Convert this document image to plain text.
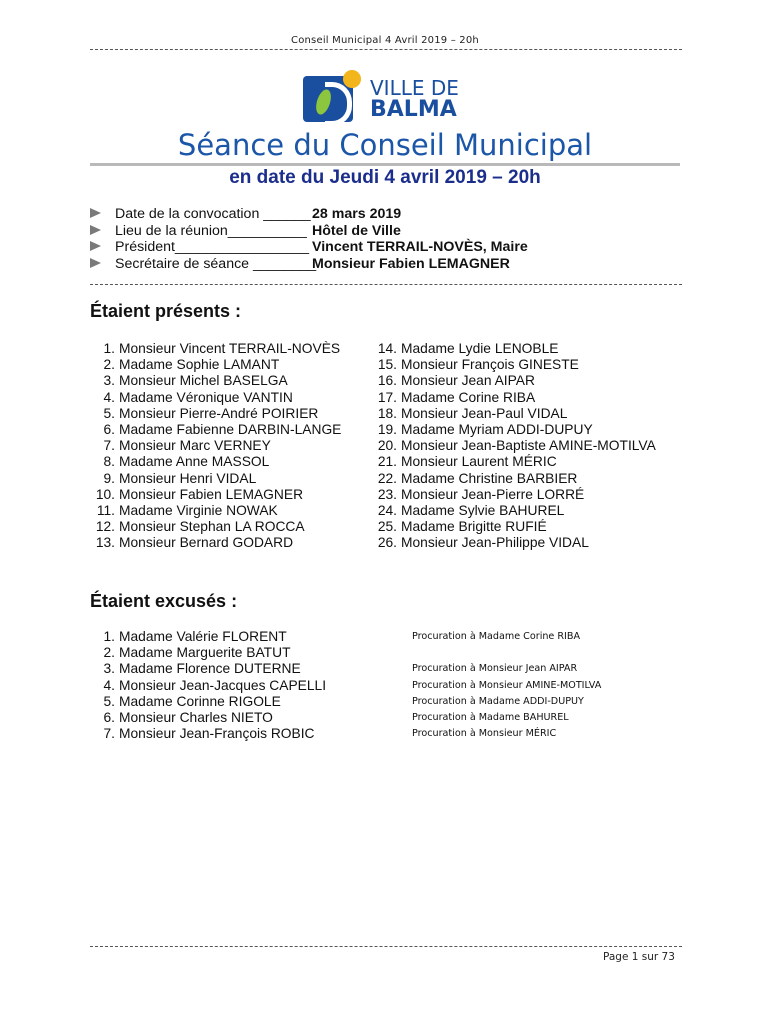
Conseil Municipal 4 Avril 2019 – 20h
VILLE DE
BALMA
Séance du Conseil Municipal
en date du Jeudi 4 avril 2019 – 20h
Date de la convocation ______ 28 mars 2019
Lieu de la réunion__________ Hôtel de Ville
Président_________________ Vincent TERRAIL-NOVÈS, Maire
Secrétaire de séance ________
Monsieur Fabien LEMAGNER
Étaient présents :
1. Monsieur Vincent TERRAIL-NOVÈS
2. Madame Sophie LAMANT
3. Monsieur Michel BASELGA
4. Madame Véronique VANTIN
5. Monsieur Pierre-André POIRIER
6. Madame Fabienne DARBIN-LANGE
7. Monsieur Marc VERNEY
8. Madame Anne MASSOL
9. Monsieur Henri VIDAL
10. Monsieur Fabien LEMAGNER
11. Madame Virginie NOWAK
12. Monsieur Stephan LA ROCCA
13. Monsieur Bernard GODARD
14. Madame Lydie LENOBLE
15. Monsieur François GINESTE
16. Monsieur Jean AIPAR
17. Madame Corine RIBA
18. Monsieur Jean-Paul VIDAL
19. Madame Myriam ADDI-DUPUY
20. Monsieur Jean-Baptiste AMINE-MOTILVA
21. Monsieur Laurent MÉRIC
22. Madame Christine BARBIER
23. Monsieur Jean-Pierre LORRÉ
24. Madame Sylvie BAHUREL
25. Madame Brigitte RUFIÉ
26. Monsieur Jean-Philippe VIDAL
Étaient excusés :
1. Madame Valérie FLORENT
2. Madame Marguerite BATUT
3. Madame Florence DUTERNE
4. Monsieur Jean-Jacques CAPELLI
5. Madame Corinne RIGOLE
6. Monsieur Charles NIETO
7. Monsieur Jean-François ROBIC
Procuration à Madame Corine RIBA
Procuration à Monsieur Jean AIPAR
Procuration à Monsieur AMINE-MOTILVA
Procuration à Madame ADDI-DUPUY
Procuration à Madame BAHUREL
Procuration à Monsieur MÉRIC
Page 1 sur 73
